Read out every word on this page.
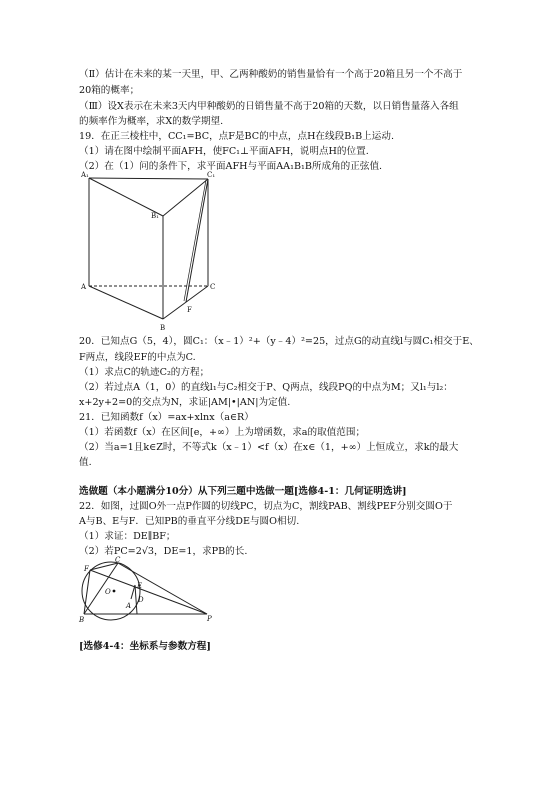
（Ⅱ）估计在未来的某一天里，甲、乙两种酸奶的销售量恰有一个高于20箱且另一个不高于
20箱的概率；
（Ⅲ）设X表示在未来3天内甲种酸奶的日销售量不高于20箱的天数，以日销售量落入各组
的频率作为概率，求X的数学期望.
19．在正三棱柱中，CC₁=BC，点F是BC的中点，点H在线段B₁B上运动.
（1）请在图中绘制平面AFH，使FC₁⊥平面AFH，说明点H的位置.
（2）在（1）问的条件下，求平面AFH与平面AA₁B₁B所成角的正弦值.
A₁	C₁
B₁
A	C
F
B
20．已知点G（5，4），圆C₁：（x﹣1）²+（y﹣4）²=25，过点G的动直线l与圆C₁相交于E、
F两点，线段EF的中点为C.
（1）求点C的轨迹C₂的方程；
（2）若过点A（1，0）的直线l₁与C₂相交于P、Q两点，线段PQ的中点为M；又l₁与l₂：
x+2y+2=0的交点为N，求证|AM|•|AN|为定值.
21．已知函数f（x）=ax+xlnx（a∈R）
（1）若函数f（x）在区间[e，+∞）上为增函数，求a的取值范围；
（2）当a=1且k∈Z时，不等式k（x﹣1）<f（x）在x∈（1，+∞）上恒成立，求k的最大
值.
选做题（本小题满分10分）从下列三题中选做一题[选修4-1：几何证明选讲]
22．如图，过圆O外一点P作圆的切线PC，切点为C，割线PAB、割线PEF分别交圆O于
A与B、E与F．已知PB的垂直平分线DE与圆O相切.
（1）求证：DE∥BF；
（2）若PC=2√3，DE=1，求PB的长.
C
F
E
O
D
A
B	P
[选修4-4：坐标系与参数方程]
